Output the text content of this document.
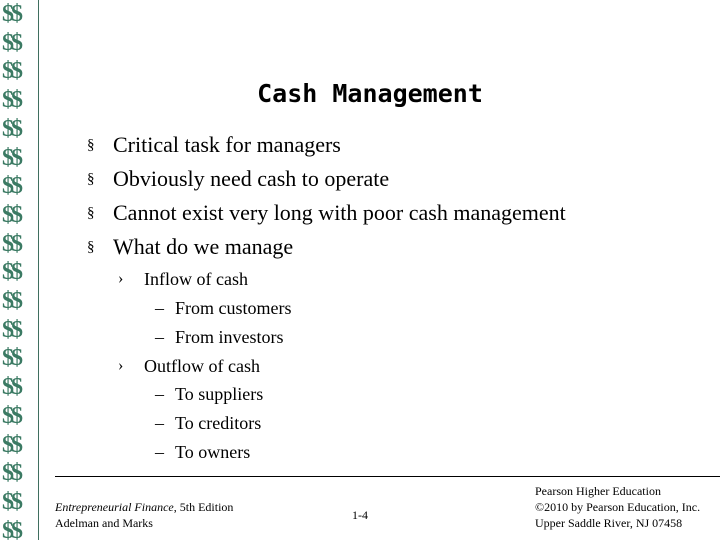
$$
$$
$$
$$
$$
$$
$$
$$
$$
$$
$$
$$
$$
$$
$$
$$
$$
$$
$$
Cash Management
§ Critical task for managers
§ Obviously need cash to operate
§ Cannot exist very long with poor cash management
§ What do we manage
› Inflow of cash
– From customers
– From investors
› Outflow of cash
– To suppliers
– To creditors
– To owners
Entrepreneurial Finance, 5th Edition
Adelman and Marks
1-4
Pearson Higher Education
©2010 by Pearson Education, Inc.
Upper Saddle River, NJ 07458
